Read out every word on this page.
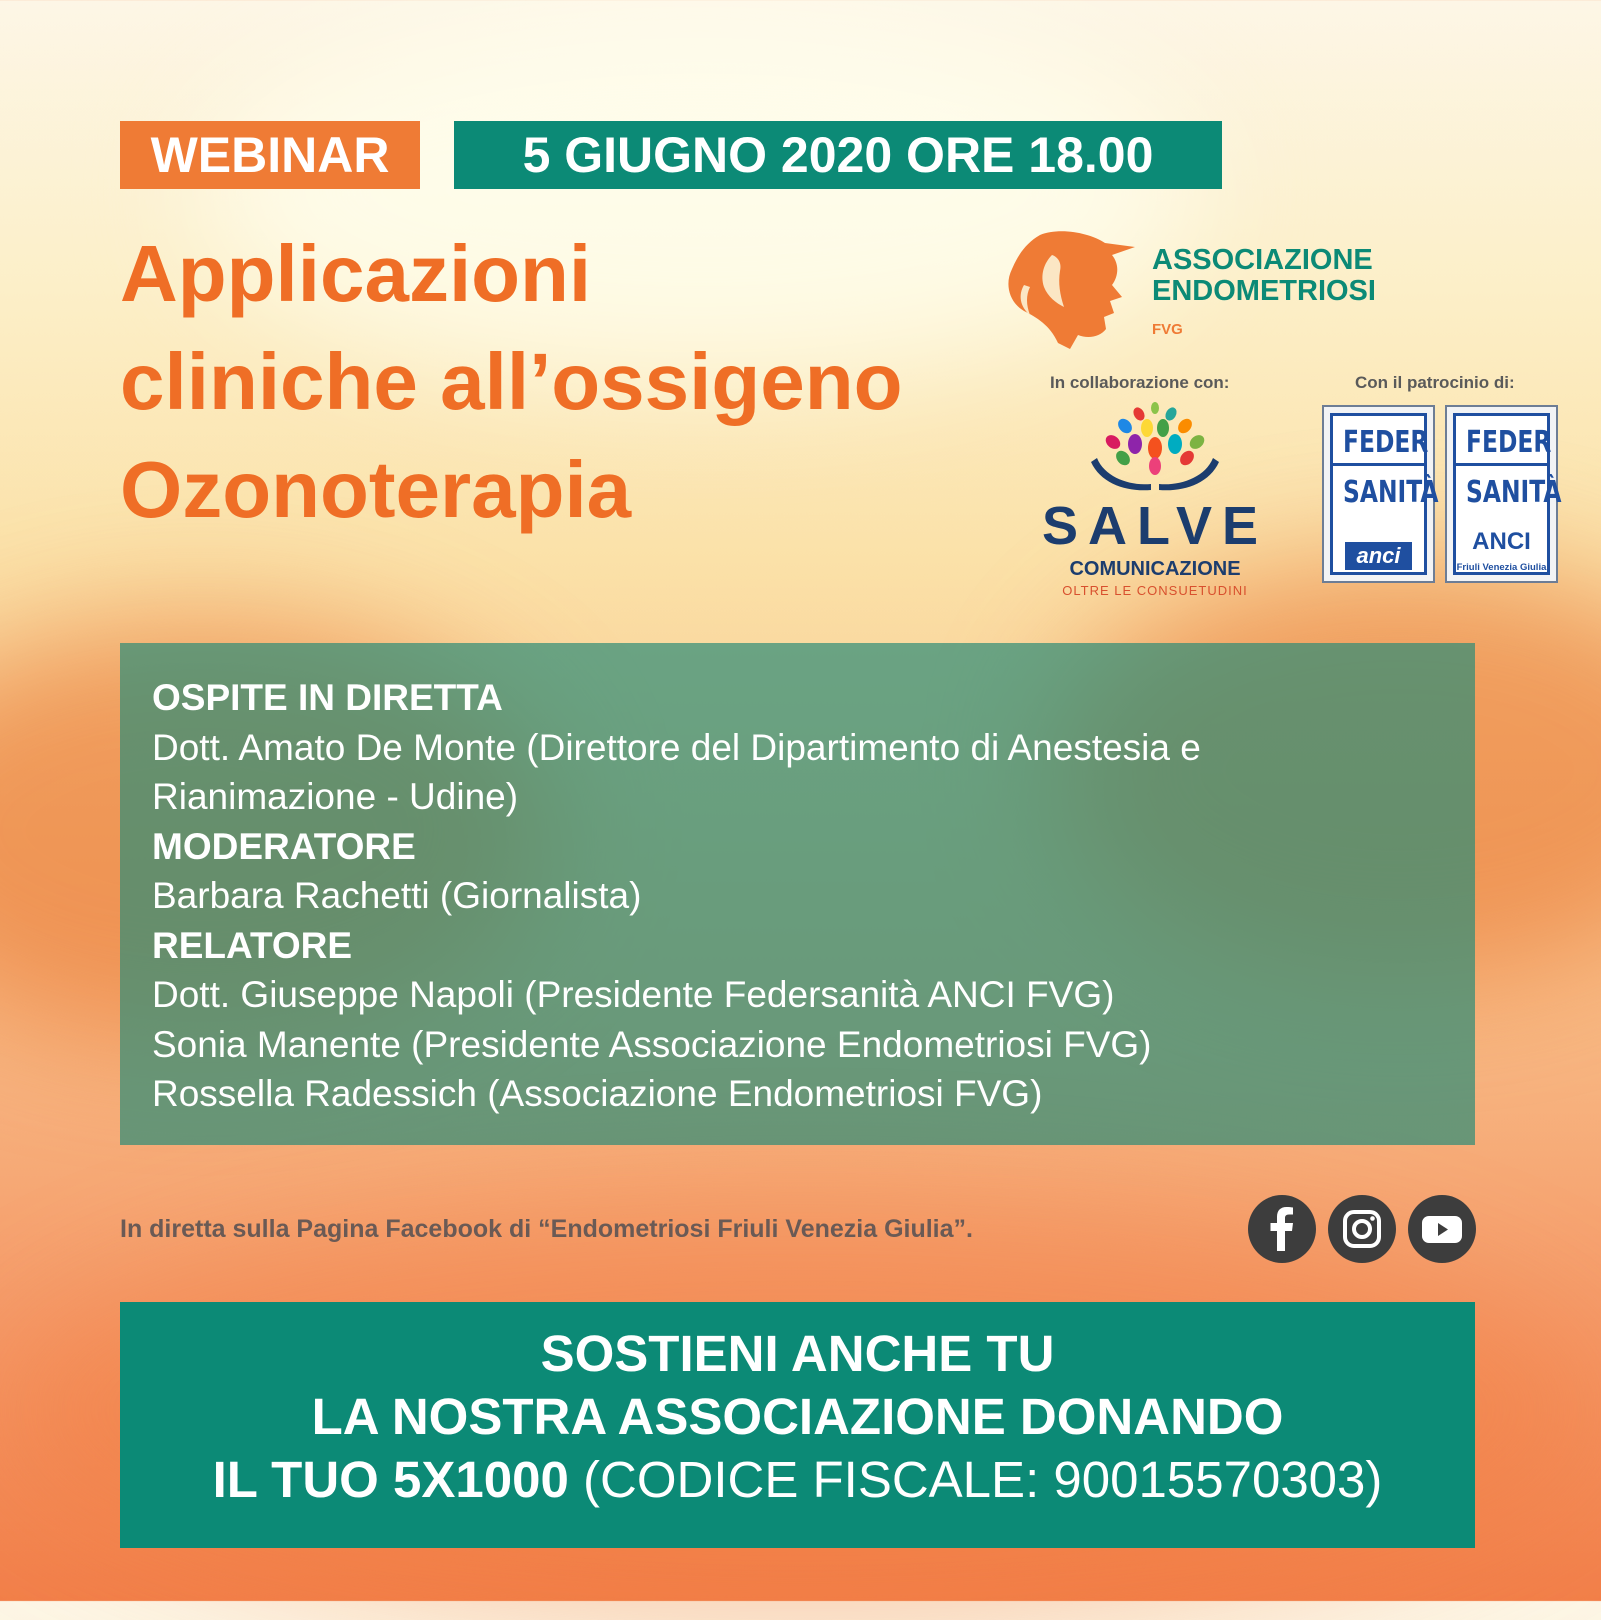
WEBINAR	5 GIUGNO 2020 ORE 18.00
Applicazioni
cliniche all’ossigeno
Ozonoterapia
ASSOCIAZIONE
ENDOMETRIOSI
FVG
In collaborazione con:	Con il patrocinio di:
SALVE
COMUNICAZIONE
OLTRE LE CONSUETUDINI
FEDER
SANITÀ
anci
FEDER
SANITÀ
ANCI
Friuli Venezia Giulia
OSPITE IN DIRETTA
Dott. Amato De Monte (Direttore del Dipartimento di Anestesia e
Rianimazione - Udine)
MODERATORE
Barbara Rachetti (Giornalista)
RELATORE
Dott. Giuseppe Napoli (Presidente Federsanità ANCI FVG)
Sonia Manente (Presidente Associazione Endometriosi FVG)
Rossella Radessich (Associazione Endometriosi FVG)
In diretta sulla Pagina Facebook di “Endometriosi Friuli Venezia Giulia”.
SOSTIENI ANCHE TU
LA NOSTRA ASSOCIAZIONE DONANDO
IL TUO 5X1000 (CODICE FISCALE: 90015570303)
